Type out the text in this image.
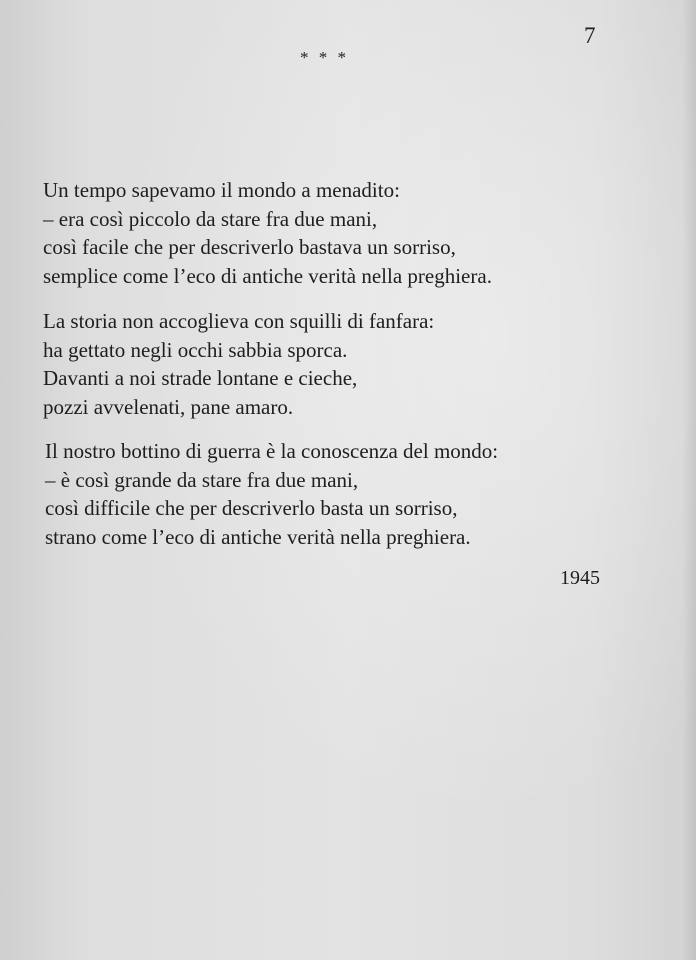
7
* * *
Un tempo sapevamo il mondo a menadito:
– era così piccolo da stare fra due mani,
così facile che per descriverlo bastava un sorriso,
semplice come l’eco di antiche verità nella preghiera.
La storia non accoglieva con squilli di fanfara:
ha gettato negli occhi sabbia sporca.
Davanti a noi strade lontane e cieche,
pozzi avvelenati, pane amaro.
Il nostro bottino di guerra è la conoscenza del mondo:
– è così grande da stare fra due mani,
così difficile che per descriverlo basta un sorriso,
strano come l’eco di antiche verità nella preghiera.
1945
